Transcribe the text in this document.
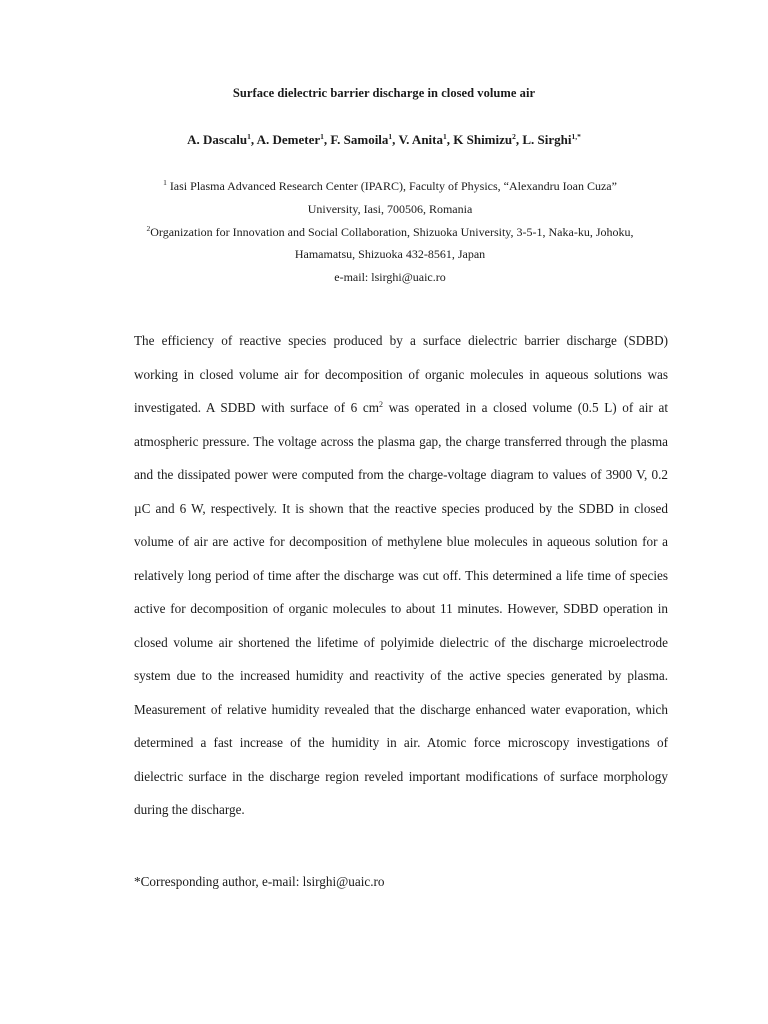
Surface dielectric barrier discharge in closed volume air
A. Dascalu$^1$, A. Demeter$^1$, F. Samoila$^1$, V. Anita$^1$, K Shimizu$^2$, L. Sirghi$^{1,*}$
$^1$ Iasi Plasma Advanced Research Center (IPARC), Faculty of Physics, “Alexandru Ioan Cuza”
University, Iasi, 700506, Romania
$^2$Organization for Innovation and Social Collaboration, Shizuoka University, 3-5-1, Naka-ku, Johoku,
Hamamatsu, Shizuoka 432-8561, Japan
e-mail: lsirghi@uaic.ro

The efficiency of reactive species produced by a surface dielectric barrier discharge (SDBD) working in closed volume air for decomposition of organic molecules in aqueous solutions was investigated. A SDBD with surface of 6 $cm^2$ was operated in a closed volume (0.5 L) of air at atmospheric pressure. The voltage across the plasma gap, the charge transferred through the plasma and the dissipated power were computed from the charge-voltage diagram to values of 3900 V, 0.2 µC and 6 W, respectively. It is shown that the reactive species produced by the SDBD in closed volume of air are active for decomposition of methylene blue molecules in aqueous solution for a relatively long period of time after the discharge was cut off. This determined a life time of species active for decomposition of organic molecules to about 11 minutes. However, SDBD operation in closed volume air shortened the lifetime of polyimide dielectric of the discharge microelectrode system due to the increased humidity and reactivity of the active species generated by plasma. Measurement of relative humidity revealed that the discharge enhanced water evaporation, which determined a fast increase of the humidity in air. Atomic force microscopy investigations of dielectric surface in the discharge region reveled important modifications of surface morphology during the discharge.

*Corresponding author, e-mail: lsirghi@uaic.ro
